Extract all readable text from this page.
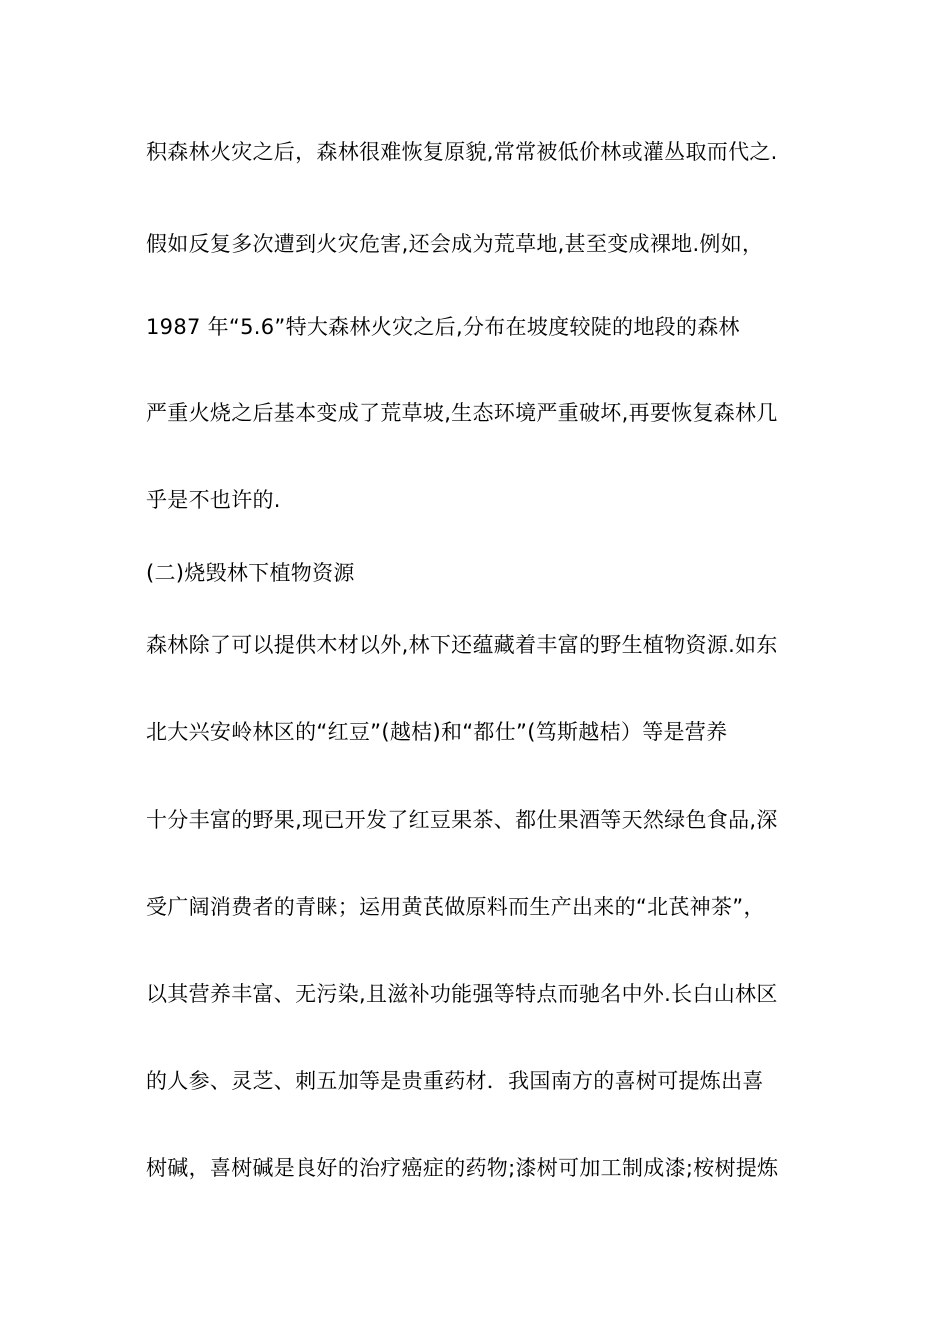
积森林火灾之后，森林很难恢复原貌,常常被低价林或灌丛取而代之.
假如反复多次遭到火灾危害,还会成为荒草地,甚至变成裸地.例如，
1987 年“5.6”特大森林火灾之后,分布在坡度较陡的地段的森林
严重火烧之后基本变成了荒草坡,生态环境严重破坏,再要恢复森林几
乎是不也许的.
(二)烧毁林下植物资源
森林除了可以提供木材以外,林下还蕴藏着丰富的野生植物资源.如东
北大兴安岭林区的“红豆”(越桔)和“都仕”(笃斯越桔）等是营养
十分丰富的野果,现已开发了红豆果茶、都仕果酒等天然绿色食品,深
受广阔消费者的青睐；运用黄芪做原料而生产出来的“北芪神茶”，
以其营养丰富、无污染,且滋补功能强等特点而驰名中外.长白山林区
的人参、灵芝、刺五加等是贵重药材．我国南方的喜树可提炼出喜
树碱，喜树碱是良好的治疗癌症的药物;漆树可加工制成漆;桉树提炼
